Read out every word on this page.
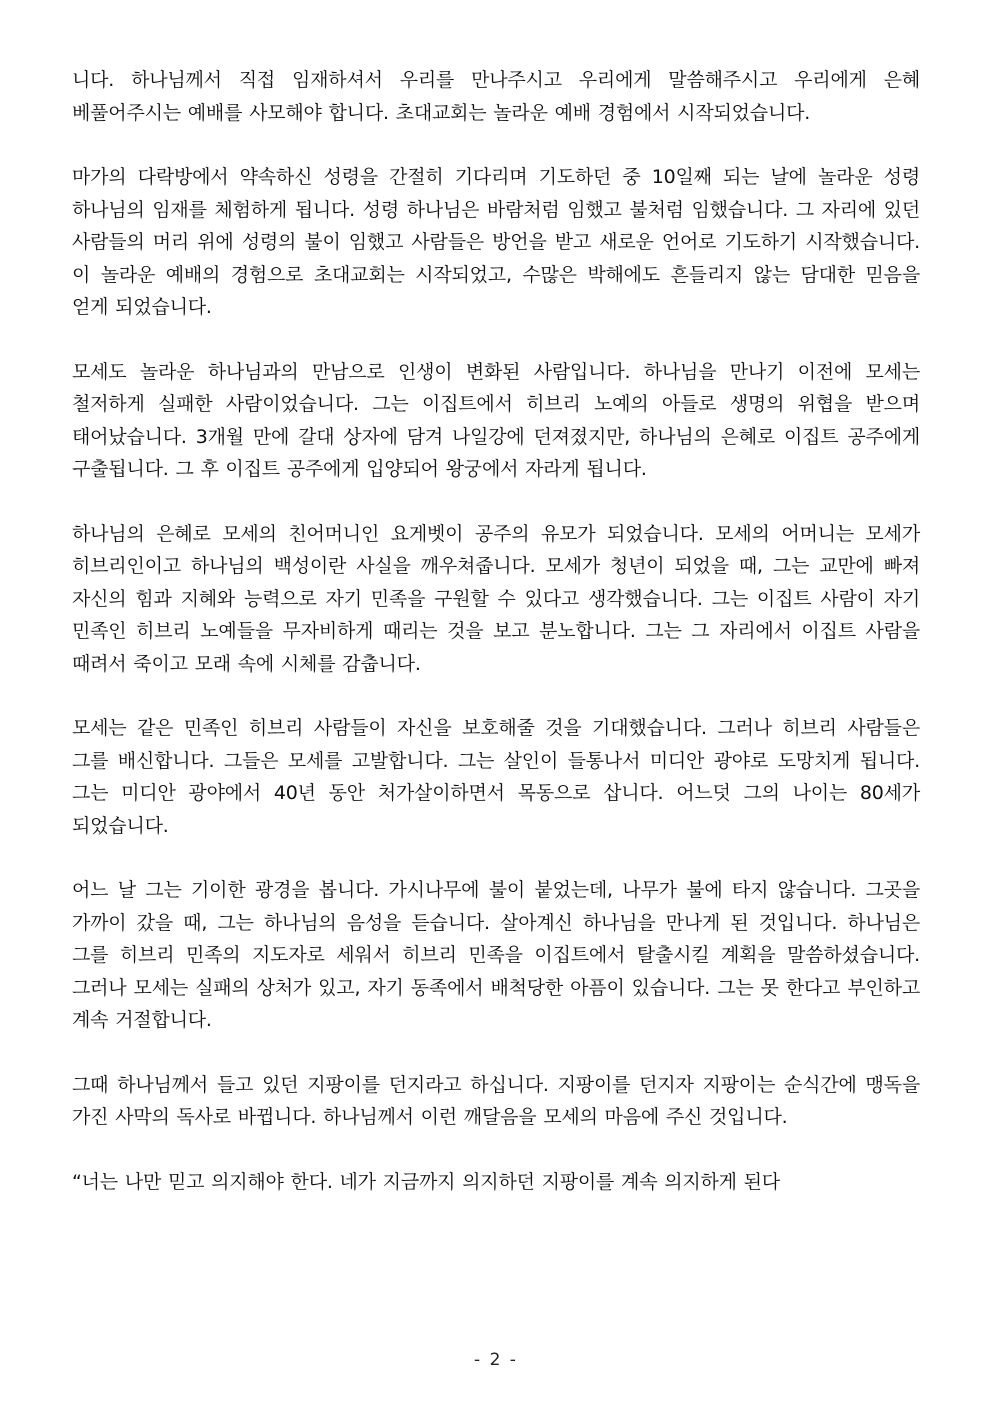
니다. 하나님께서 직접 임재하셔서 우리를 만나주시고 우리에게 말씀해주시고 우리에게 은혜 베풀어주시는 예배를 사모해야 합니다. 초대교회는 놀라운 예배 경험에서 시작되었습니다.

마가의 다락방에서 약속하신 성령을 간절히 기다리며 기도하던 중 10일째 되는 날에 놀라운 성령 하나님의 임재를 체험하게 됩니다. 성령 하나님은 바람처럼 임했고 불처럼 임했습니다. 그 자리에 있던 사람들의 머리 위에 성령의 불이 임했고 사람들은 방언을 받고 새로운 언어로 기도하기 시작했습니다. 이 놀라운 예배의 경험으로 초대교회는 시작되었고, 수많은 박해에도 흔들리지 않는 담대한 믿음을 얻게 되었습니다.

모세도 놀라운 하나님과의 만남으로 인생이 변화된 사람입니다. 하나님을 만나기 이전에 모세는 철저하게 실패한 사람이었습니다. 그는 이집트에서 히브리 노예의 아들로 생명의 위협을 받으며 태어났습니다. 3개월 만에 갈대 상자에 담겨 나일강에 던져졌지만, 하나님의 은혜로 이집트 공주에게 구출됩니다. 그 후 이집트 공주에게 입양되어 왕궁에서 자라게 됩니다.

하나님의 은혜로 모세의 친어머니인 요게벳이 공주의 유모가 되었습니다. 모세의 어머니는 모세가 히브리인이고 하나님의 백성이란 사실을 깨우쳐줍니다. 모세가 청년이 되었을 때, 그는 교만에 빠져 자신의 힘과 지혜와 능력으로 자기 민족을 구원할 수 있다고 생각했습니다. 그는 이집트 사람이 자기 민족인 히브리 노예들을 무자비하게 때리는 것을 보고 분노합니다. 그는 그 자리에서 이집트 사람을 때려서 죽이고 모래 속에 시체를 감춥니다.

모세는 같은 민족인 히브리 사람들이 자신을 보호해줄 것을 기대했습니다. 그러나 히브리 사람들은 그를 배신합니다. 그들은 모세를 고발합니다. 그는 살인이 들통나서 미디안 광야로 도망치게 됩니다. 그는 미디안 광야에서 40년 동안 처가살이하면서 목동으로 삽니다. 어느덧 그의 나이는 80세가 되었습니다.

어느 날 그는 기이한 광경을 봅니다. 가시나무에 불이 붙었는데, 나무가 불에 타지 않습니다. 그곳을 가까이 갔을 때, 그는 하나님의 음성을 듣습니다. 살아계신 하나님을 만나게 된 것입니다. 하나님은 그를 히브리 민족의 지도자로 세워서 히브리 민족을 이집트에서 탈출시킬 계획을 말씀하셨습니다. 그러나 모세는 실패의 상처가 있고, 자기 동족에서 배척당한 아픔이 있습니다. 그는 못 한다고 부인하고 계속 거절합니다.

그때 하나님께서 들고 있던 지팡이를 던지라고 하십니다. 지팡이를 던지자 지팡이는 순식간에 맹독을 가진 사막의 독사로 바뀝니다. 하나님께서 이런 깨달음을 모세의 마음에 주신 것입니다.

“너는 나만 믿고 의지해야 한다. 네가 지금까지 의지하던 지팡이를 계속 의지하게 된다

- 2 -
